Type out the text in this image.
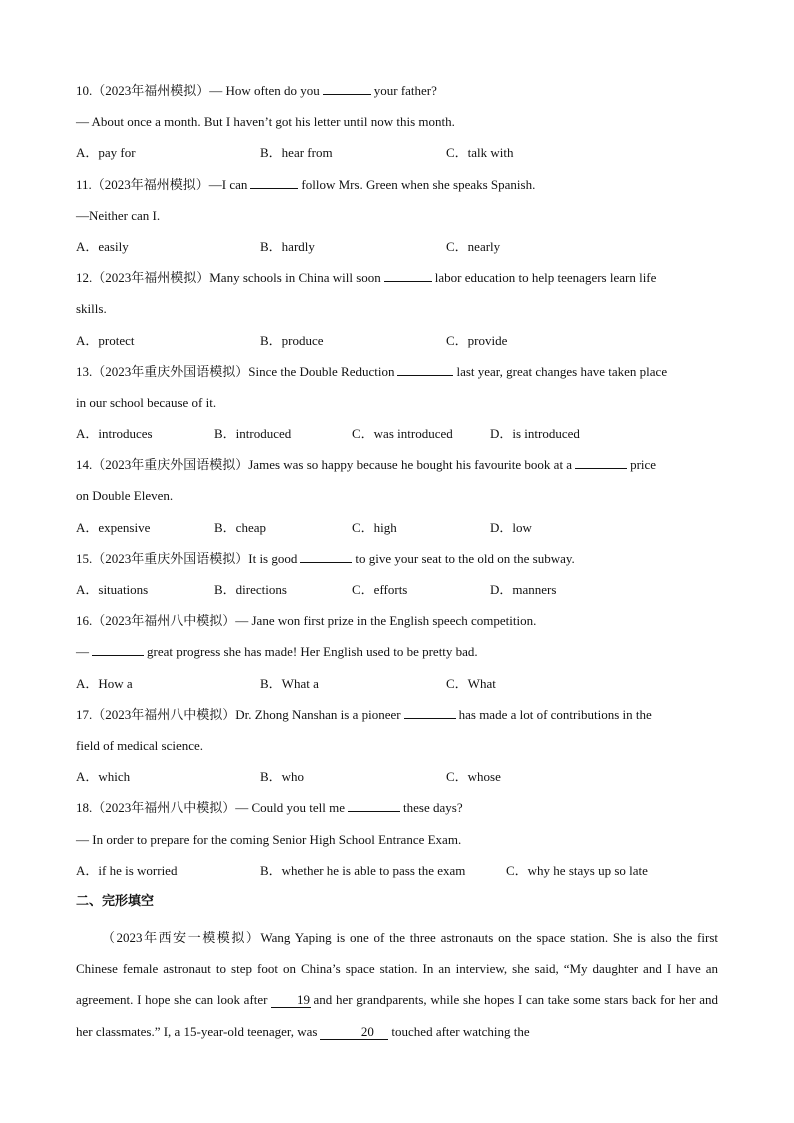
10.（2023年福州模拟）— How often do you	your father?
— About once a month. But I haven’t got his letter until now this month.
A．pay for	B．hear from	C．talk with
11.（2023年福州模拟）—I can	follow Mrs. Green when she speaks Spanish.
—Neither can I.
A．easily	B．hardly	C．nearly
12.（2023年福州模拟）Many schools in China will soon	labor education to help teenagers learn life
skills.
A．protect	B．produce	C．provide
13.（2023年重庆外国语模拟）Since the Double Reduction	last year, great changes have taken place
in our school because of it.
A．introduces	B．introduced	C．was introduced	D．is introduced
14.（2023年重庆外国语模拟）James was so happy because he bought his favourite book at a	price
on Double Eleven.
A．expensive	B．cheap	C．high	D．low
15.（2023年重庆外国语模拟）It is good	to give your seat to the old on the subway.
A．situations	B．directions	C．efforts	D．manners
16.（2023年福州八中模拟）— Jane won first prize in the English speech competition.
—	great progress she has made! Her English used to be pretty bad.
A．How a	B．What a	C．What
17.（2023年福州八中模拟）Dr. Zhong Nanshan is a pioneer	has made a lot of contributions in the
field of medical science.
A．which	B．who	C．whose
18.（2023年福州八中模拟）— Could you tell me	these days?
— In order to prepare for the coming Senior High School Entrance Exam.
A．if he is worried	B．whether he is able to pass the exam	C．why he stays up so late
二、完形填空
（2023年西安一模模拟）Wang Yaping is one of the three astronauts on the space station. She is also the first Chinese female astronaut to step foot on China’s space station. In an interview, she said, “My daughter and I have an agreement. I hope she can look after 19 and her grandparents, while she hopes I can take some stars back for her and her classmates.” I, a 15-year-old teenager, was	20 touched after watching the
